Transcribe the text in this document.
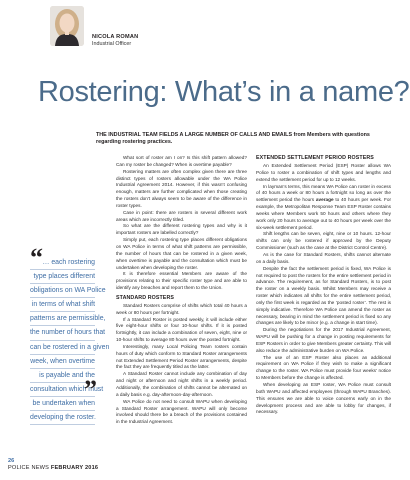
NICOLA ROMAN
Industrial Officer
Rostering: What’s in a name?
THE INDUSTRIAL TEAM FIELDS A LARGE NUMBER OF CALLS AND EMAILS from Members with questions regarding rostering practices.
“ … each rostering
type places different
obligations on WA Police
in terms of what shift
patterns are permissible,
the number of hours that
can be rostered in a given
week, when overtime
is payable and the
consultation which must
be undertaken when
developing the roster.
”

What sort of roster am I on? Is this shift pattern allowed? Can my roster be changed? When is overtime payable?

Rostering matters are often complex given there are three distinct types of rosters allowable under the WA Police Industrial Agreement 2014. However, if this wasn’t confusing enough, matters are further complicated when those creating the rosters don’t always seem to be aware of the difference in roster types.

Case in point: there are rosters in several different work areas which are incorrectly titled.

So what are the different rostering types and why is it important rosters are labelled correctly?

Simply put, each rostering type places different obligations on WA Police in terms of what shift patterns are permissible, the number of hours that can be rostered in a given week, when overtime is payable and the consultation which must be undertaken when developing the roster.

It is therefore essential Members are aware of the provisions relating to their specific roster type and are able to identify any breaches and report them to the Union.

STANDARD ROSTERS

Standard Rosters comprise of shifts which total 40 hours a week or 80 hours per fortnight.

If a Standard Roster is posted weekly, it will include either five eight-hour shifts or four 10-hour shifts. If it is posted fortnightly, it can include a combination of seven, eight, nine or 10-hour shifts to average 80 hours over the posted fortnight.

Interestingly, many Local Policing Team rosters contain hours of duty which conform to Standard Roster arrangements not Extended Settlement Period Roster arrangements, despite the fact they are frequently titled as the latter.

A Standard Roster cannot include any combination of day and night or afternoon and night shifts in a weekly period. Additionally, the combination of shifts cannot be alternated on a daily basis e.g. day-afternoon-day-afternoon.

WA Police do not need to consult WAPU when developing a Standard Roster arrangement. WAPU will only become involved should there be a breach of the provisions contained in the Industrial Agreement.

EXTENDED SETTLEMENT PERIOD ROSTERS

An Extended Settlement Period (ESP) Roster allows WA Police to roster a combination of shift types and lengths and extend the settlement period for up to 12 weeks.

In layman’s terms, this means WA Police can roster in excess of 40 hours a week or 80 hours a fortnight so long as over the settlement period the hours average to 40 hours per week. For example, the Metropolitan Response Team ESP Roster contains weeks where Members work 50 hours and others where they work only 20 hours to average out to 40 hours per week over the six-week settlement period.

Shift lengths can be seven, eight, nine or 10 hours. 12-hour shifts can only be rostered if approved by the Deputy Commissioner (such as the case at the District Control Centre).

As is the case for Standard Rosters, shifts cannot alternate on a daily basis.

Despite the fact the settlement period is fixed, WA Police is not required to post the rosters for the entire settlement period in advance. The requirement, as for Standard Rosters, is to post the roster on a weekly basis. Whilst Members may receive a roster which indicates all shifts for the entire settlement period, only the first week is regarded as the ‘posted roster’. The rest is simply indicative. Therefore WA Police can amend the roster as necessary, bearing in mind the settlement period is fixed so any changes are likely to be minor (e.g. a change in start time).

During the negotiations for the 2017 Industrial Agreement, WAPU will be pushing for a change in posting requirements for ESP Rosters in order to give Members greater certainty. This will also reduce the administrative burden on WA Police.

The use of an ESP Roster also places an additional requirement on WA Police if they wish to make a significant change to the roster. WA Police must provide four weeks’ notice to Members before the change is affected.

When developing an ESP roster, WA Police must consult both WAPU and affected employees (through WAPU Branches). This ensures we are able to voice concerns early on in the development process and are able to lobby for changes, if necessary.

26
POLICE NEWS FEBRUARY 2016
